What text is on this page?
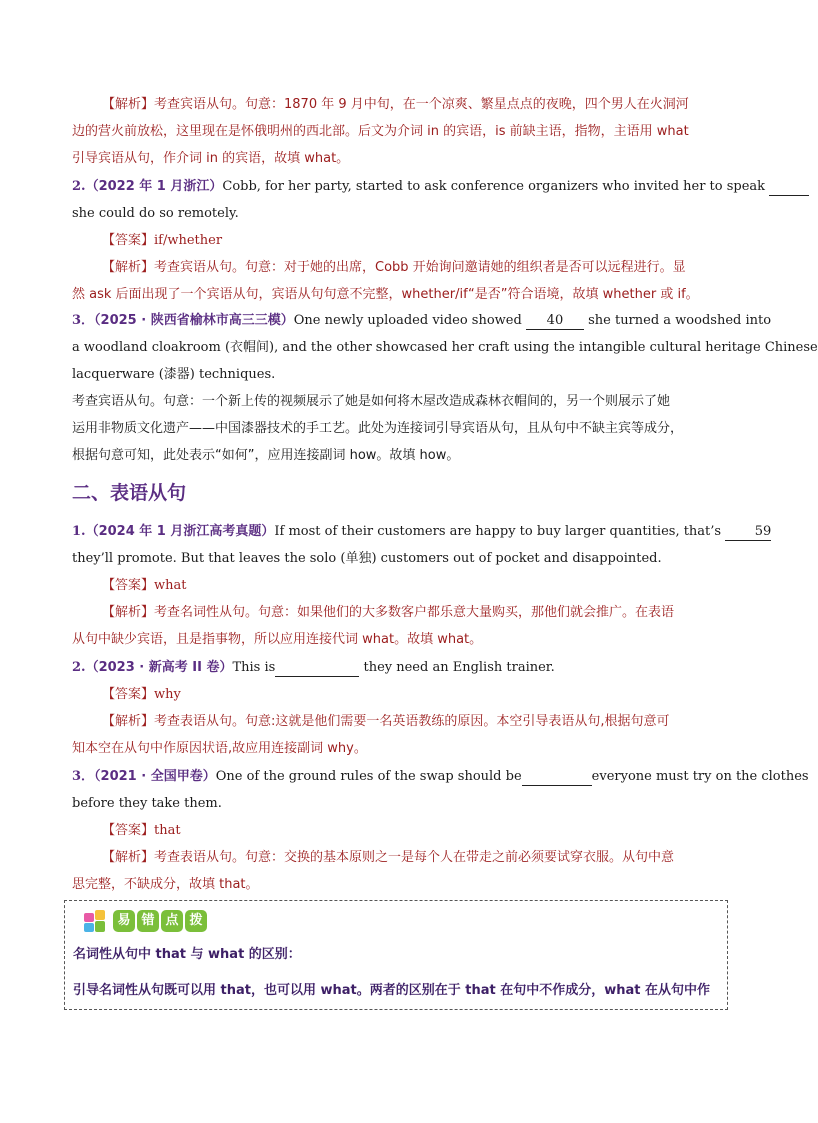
【解析】考查宾语从句。句意：1870 年 9 月中旬，在一个凉爽、繁星点点的夜晚，四个男人在火洞河
边的营火前放松，这里现在是怀俄明州的西北部。后文为介词 in 的宾语，is 前缺主语，指物，主语用 what
引导宾语从句，作介词 in 的宾语，故填 what。
2.（2022 年 1 月浙江）Cobb, for her party, started to ask conference organizers who invited her to speak
she could do so remotely.
【答案】if/whether
【解析】考查宾语从句。句意：对于她的出席，Cobb 开始询问邀请她的组织者是否可以远程进行。显
然 ask 后面出现了一个宾语从句，宾语从句句意不完整，whether/if“是否”符合语境，故填 whether 或 if。
3．（2025 · 陕西省榆林市高三三模）One newly uploaded video showed 40 she turned a woodshed into
a woodland cloakroom (衣帽间), and the other showcased her craft using the intangible cultural heritage Chinese
lacquerware (漆器) techniques.
考查宾语从句。句意：一个新上传的视频展示了她是如何将木屋改造成森林衣帽间的，另一个则展示了她
运用非物质文化遗产——中国漆器技术的手工艺。此处为连接词引导宾语从句，且从句中不缺主宾等成分，
根据句意可知，此处表示“如何”，应用连接副词 how。故填 how。
二、表语从句
1.（2024 年 1 月浙江高考真题）If most of their customers are happy to buy larger quantities, that’s	59
they’ll promote. But that leaves the solo (单独) customers out of pocket and disappointed.
【答案】what
【解析】考查名词性从句。句意：如果他们的大多数客户都乐意大量购买，那他们就会推广。在表语
从句中缺少宾语，且是指事物，所以应用连接代词 what。故填 what。
2.（2023 · 新高考 II 卷）This is	they need an English trainer.
【答案】why
【解析】考查表语从句。句意:这就是他们需要一名英语教练的原因。本空引导表语从句,根据句意可
知本空在从句中作原因状语,故应用连接副词 why。
3．（2021 · 全国甲卷）One of the ground rules of the swap should be	everyone must try on the clothes
before they take them.
【答案】that
【解析】考查表语从句。句意：交换的基本原则之一是每个人在带走之前必须要试穿衣服。从句中意
思完整，不缺成分，故填 that。
易 错 点 拨
名词性从句中 that 与 what 的区别：
引导名词性从句既可以用 that，也可以用 what。两者的区别在于 that 在句中不作成分，what 在从句中作
